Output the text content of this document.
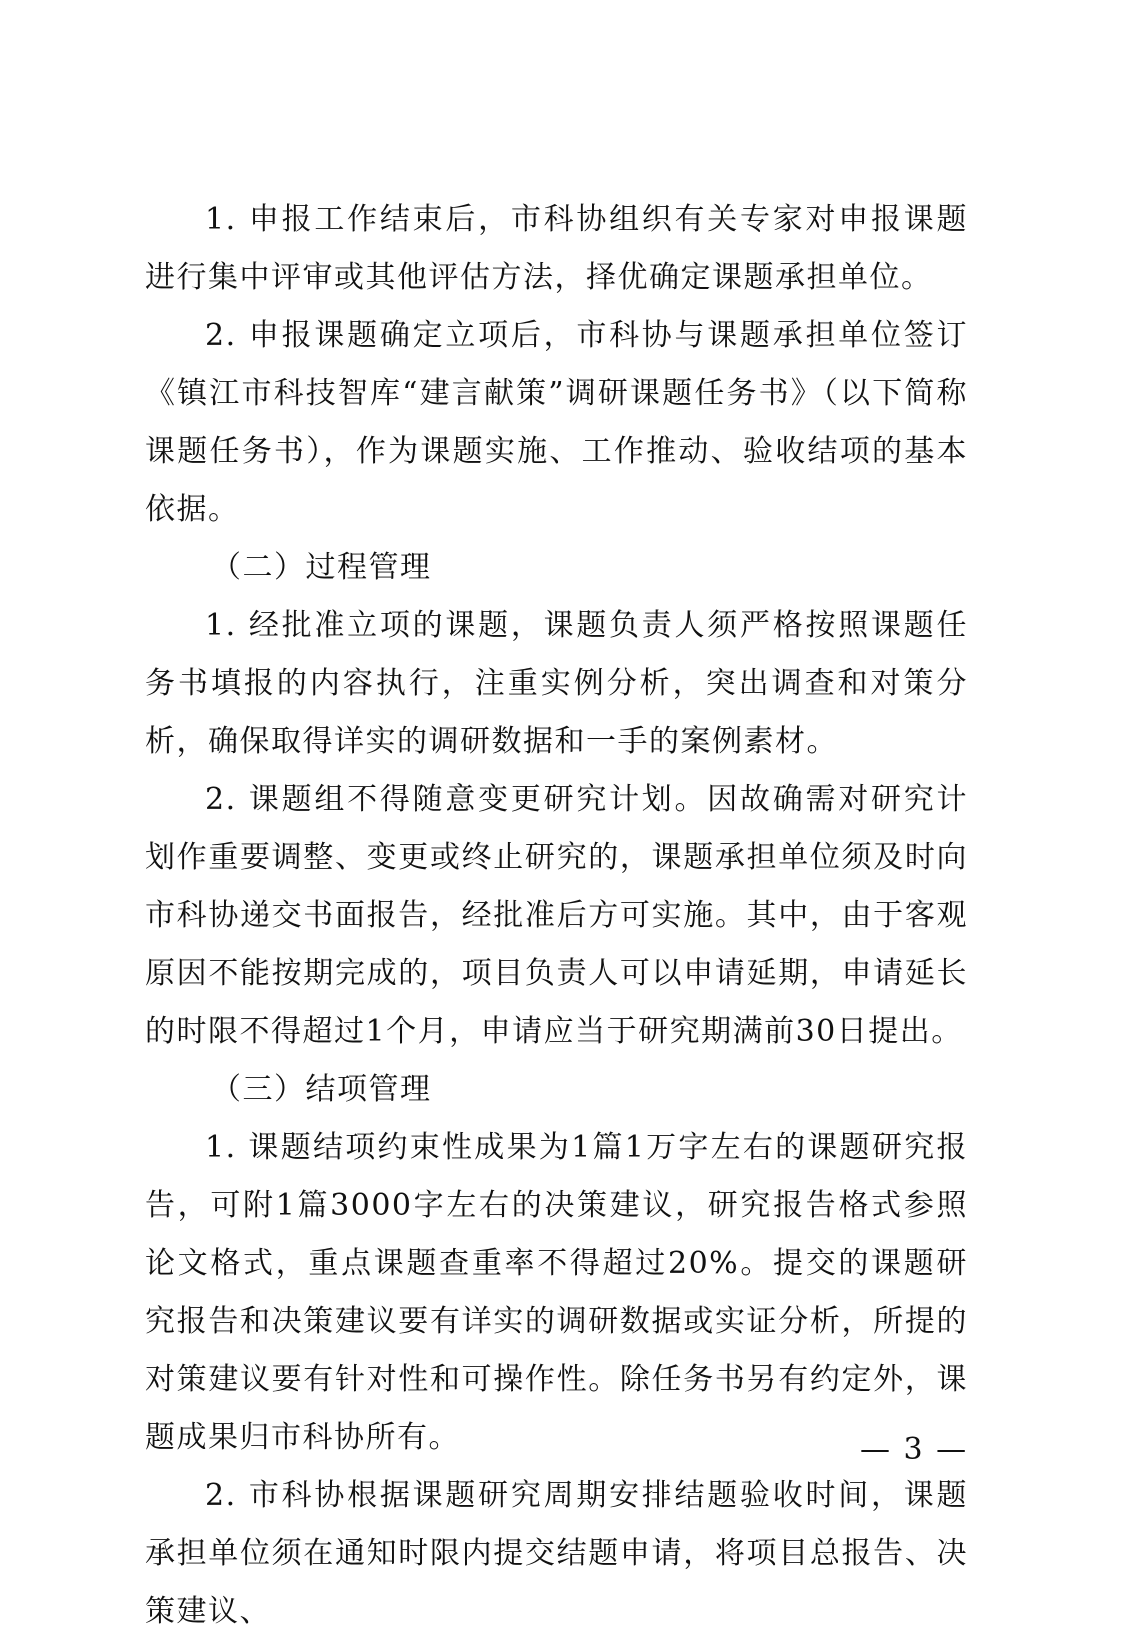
1. 申报工作结束后，市科协组织有关专家对申报课题进行集中评审或其他评估方法，择优确定课题承担单位。

2. 申报课题确定立项后，市科协与课题承担单位签订《镇江市科技智库“建言献策”调研课题任务书》（以下简称课题任务书），作为课题实施、工作推动、验收结项的基本依据。

（二）过程管理

1. 经批准立项的课题，课题负责人须严格按照课题任务书填报的内容执行，注重实例分析，突出调查和对策分析，确保取得详实的调研数据和一手的案例素材。

2. 课题组不得随意变更研究计划。因故确需对研究计划作重要调整、变更或终止研究的，课题承担单位须及时向市科协递交书面报告，经批准后方可实施。其中，由于客观原因不能按期完成的，项目负责人可以申请延期，申请延长的时限不得超过1个月，申请应当于研究期满前30日提出。

（三）结项管理

1. 课题结项约束性成果为1篇1万字左右的课题研究报告，可附1篇3000字左右的决策建议，研究报告格式参照论文格式，重点课题查重率不得超过20%。提交的课题研究报告和决策建议要有详实的调研数据或实证分析，所提的对策建议要有针对性和可操作性。除任务书另有约定外，课题成果归市科协所有。

2. 市科协根据课题研究周期安排结题验收时间，课题承担单位须在通知时限内提交结题申请，将项目总报告、决策建议、

— 3 —
